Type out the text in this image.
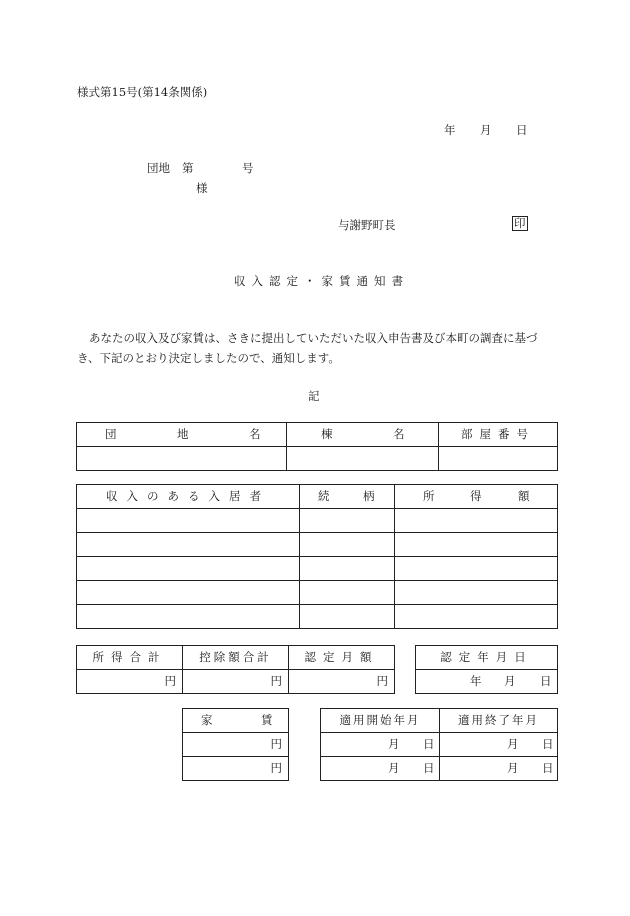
様式第15号(第14条関係)
年 月 日
団地 第	号
様
与謝野町長	印
収入認定・家賃通知書
あなたの収入及び家賃は、さきに提出していただいた収入申告書及び本町の調査に基づ
き、下記のとおり決定しましたので、通知します。
記
団 地 名	棟 名	部屋番号

収入のある入居者	続 柄	所 得 額

所得合計	控除額合計	認定月額
円	円	円
認定年月日

年 月 日
家	賃

円
円
適用開始年月	適用終了年月

月 日	月 日

月 日	月 日
